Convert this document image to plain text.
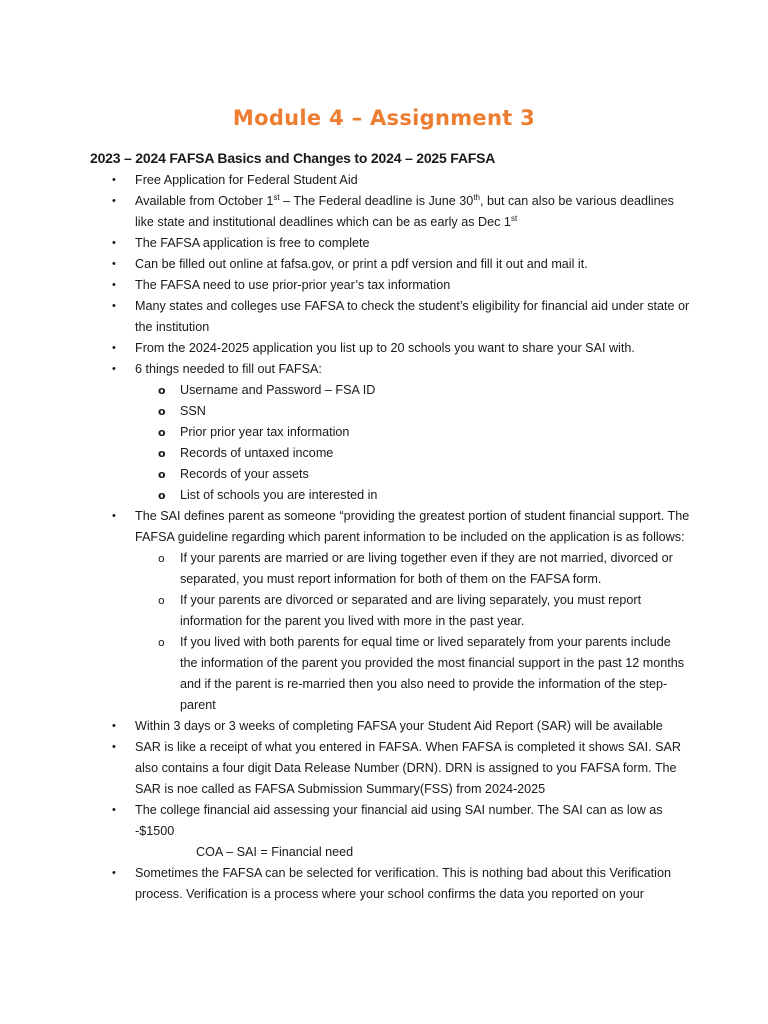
Module 4 – Assignment 3
2023 – 2024 FAFSA Basics and Changes to 2024 – 2025 FAFSA
• Free Application for Federal Student Aid
• Available from October 1st – The Federal deadline is June 30th, but can also be various deadlines like state and institutional deadlines which can be as early as Dec 1st
• The FAFSA application is free to complete
• Can be filled out online at fafsa.gov, or print a pdf version and fill it out and mail it.
• The FAFSA need to use prior-prior year’s tax information
• Many states and colleges use FAFSA to check the student’s eligibility for financial aid under state or the institution
• From the 2024-2025 application you list up to 20 schools you want to share your SAI with.
• 6 things needed to fill out FAFSA:
o Username and Password – FSA ID
o SSN
o Prior prior year tax information
o Records of untaxed income
o Records of your assets
o List of schools you are interested in
• The SAI defines parent as someone “providing the greatest portion of student financial support. The FAFSA guideline regarding which parent information to be included on the application is as follows:
o If your parents are married or are living together even if they are not married, divorced or separated, you must report information for both of them on the FAFSA form.
o If your parents are divorced or separated and are living separately, you must report information for the parent you lived with more in the past year.
o If you lived with both parents for equal time or lived separately from your parents include the information of the parent you provided the most financial support in the past 12 months and if the parent is re-married then you also need to provide the information of the step-parent
• Within 3 days or 3 weeks of completing FAFSA your Student Aid Report (SAR) will be available
• SAR is like a receipt of what you entered in FAFSA. When FAFSA is completed it shows SAI. SAR also contains a four digit Data Release Number (DRN). DRN is assigned to you FAFSA form. The SAR is noe called as FAFSA Submission Summary(FSS) from 2024-2025
• The college financial aid assessing your financial aid using SAI number. The SAI can as low as -$1500
COA – SAI = Financial need
• Sometimes the FAFSA can be selected for verification. This is nothing bad about this Verification process. Verification is a process where your school confirms the data you reported on your
